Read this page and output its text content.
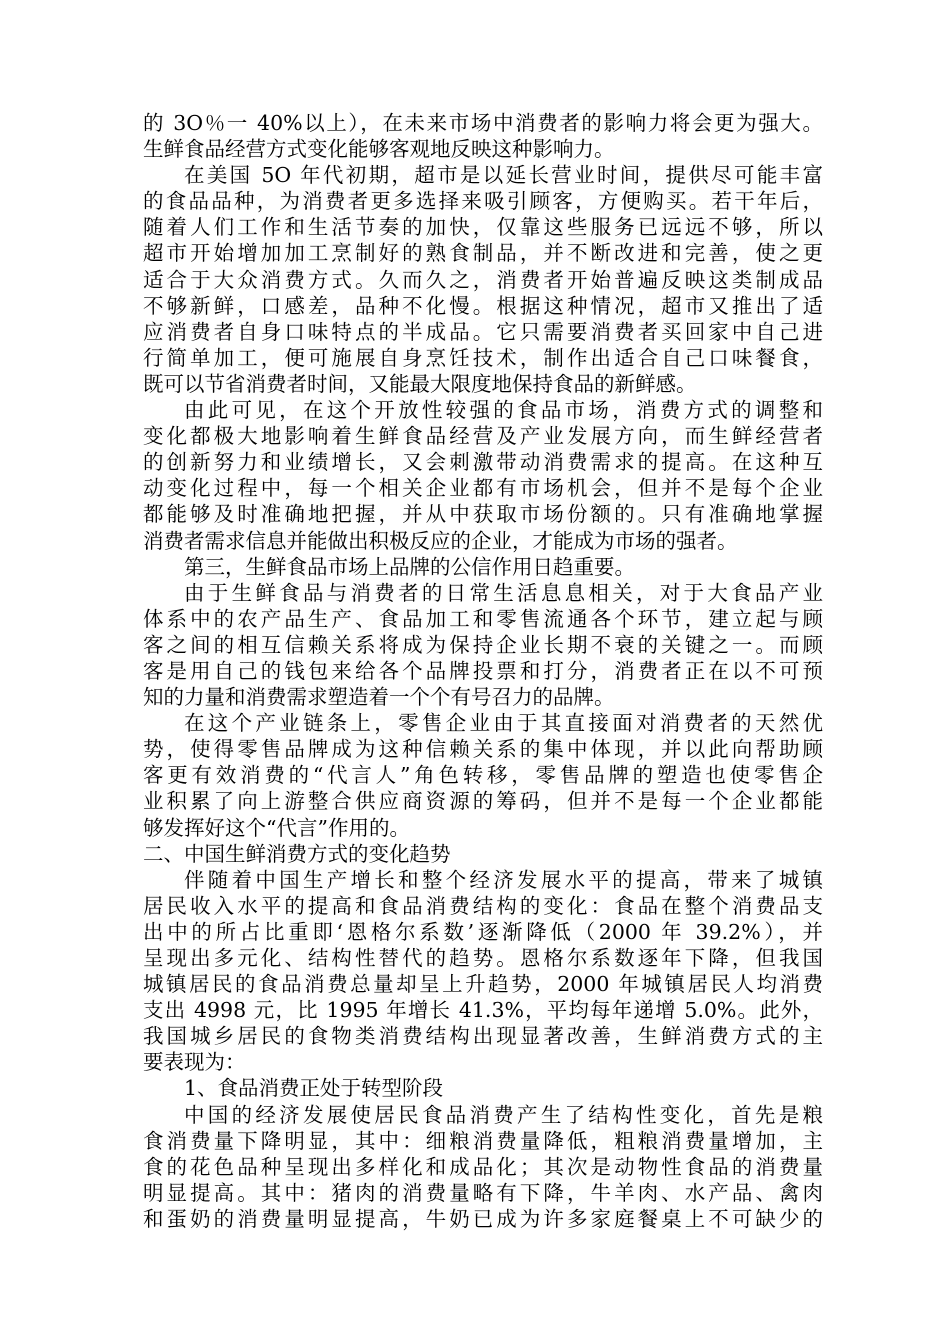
的 3O％一 40%以上），在未来市场中消费者的影响力将会更为强大。
生鲜食品经营方式变化能够客观地反映这种影响力。
在美国 5O 年代初期，超市是以延长营业时间，提供尽可能丰富
的食品品种，为消费者更多选择来吸引顾客，方便购买。若干年后，
随着人们工作和生活节奏的加快，仅靠这些服务已远远不够，所以
超市开始增加加工烹制好的熟食制品，并不断改进和完善，使之更
适合于大众消费方式。久而久之，消费者开始普遍反映这类制成品
不够新鲜，口感差，品种不化慢。根据这种情况，超市又推出了适
应消费者自身口味特点的半成品。它只需要消费者买回家中自己进
行简单加工，便可施展自身烹饪技术，制作出适合自己口味餐食，
既可以节省消费者时间，又能最大限度地保持食品的新鲜感。
由此可见，在这个开放性较强的食品市场，消费方式的调整和
变化都极大地影响着生鲜食品经营及产业发展方向，而生鲜经营者
的创新努力和业绩增长，又会刺激带动消费需求的提高。在这种互
动变化过程中，每一个相关企业都有市场机会，但并不是每个企业
都能够及时准确地把握，并从中获取市场份额的。只有准确地掌握
消费者需求信息并能做出积极反应的企业，才能成为市场的强者。
第三，生鲜食品市场上品牌的公信作用日趋重要。
由于生鲜食品与消费者的日常生活息息相关，对于大食品产业
体系中的农产品生产、食品加工和零售流通各个环节，建立起与顾
客之间的相互信赖关系将成为保持企业长期不衰的关键之一。而顾
客是用自己的钱包来给各个品牌投票和打分，消费者正在以不可预
知的力量和消费需求塑造着一个个有号召力的品牌。
在这个产业链条上，零售企业由于其直接面对消费者的天然优
势，使得零售品牌成为这种信赖关系的集中体现，并以此向帮助顾
客更有效消费的“代言人”角色转移，零售品牌的塑造也使零售企
业积累了向上游整合供应商资源的筹码，但并不是每一个企业都能
够发挥好这个“代言”作用的。
二、中国生鲜消费方式的变化趋势
伴随着中国生产增长和整个经济发展水平的提高，带来了城镇
居民收入水平的提高和食品消费结构的变化：食品在整个消费品支
出中的所占比重即‘恩格尔系数’逐渐降低（2000 年 39.2%），并
呈现出多元化、结构性替代的趋势。恩格尔系数逐年下降，但我国
城镇居民的食品消费总量却呈上升趋势，2000 年城镇居民人均消费
支出 4998 元，比 1995 年增长 41.3%，平均每年递增 5.0%。此外，
我国城乡居民的食物类消费结构出现显著改善，生鲜消费方式的主
要表现为：
1、食品消费正处于转型阶段
中国的经济发展使居民食品消费产生了结构性变化，首先是粮
食消费量下降明显，其中：细粮消费量降低，粗粮消费量增加，主
食的花色品种呈现出多样化和成品化；其次是动物性食品的消费量
明显提高。其中：猪肉的消费量略有下降，牛羊肉、水产品、禽肉
和蛋奶的消费量明显提高，牛奶已成为许多家庭餐桌上不可缺少的
